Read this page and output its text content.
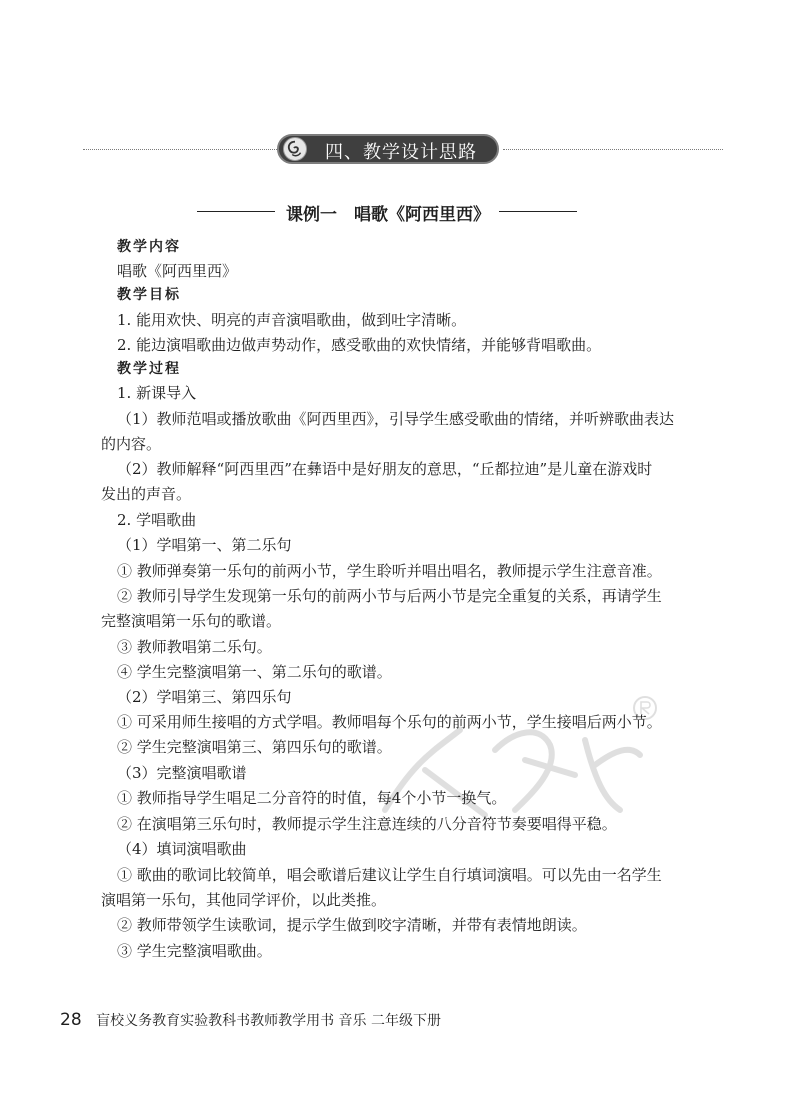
四、教学设计思路
课例一　唱歌《阿西里西》
教学内容
唱歌《阿西里西》
教学目标
1. 能用欢快、明亮的声音演唱歌曲，做到吐字清晰。
2. 能边演唱歌曲边做声势动作，感受歌曲的欢快情绪，并能够背唱歌曲。
教学过程
1. 新课导入
（1）教师范唱或播放歌曲《阿西里西》，引导学生感受歌曲的情绪，并听辨歌曲表达
的内容。
（2）教师解释“阿西里西”在彝语中是好朋友的意思，“丘都拉迪”是儿童在游戏时
发出的声音。
2. 学唱歌曲
（1）学唱第一、第二乐句
① 教师弹奏第一乐句的前两小节，学生聆听并唱出唱名，教师提示学生注意音准。
② 教师引导学生发现第一乐句的前两小节与后两小节是完全重复的关系，再请学生
完整演唱第一乐句的歌谱。
③ 教师教唱第二乐句。
④ 学生完整演唱第一、第二乐句的歌谱。
（2）学唱第三、第四乐句
① 可采用师生接唱的方式学唱。教师唱每个乐句的前两小节，学生接唱后两小节。
② 学生完整演唱第三、第四乐句的歌谱。
（3）完整演唱歌谱
① 教师指导学生唱足二分音符的时值，每4个小节一换气。
② 在演唱第三乐句时，教师提示学生注意连续的八分音符节奏要唱得平稳。
（4）填词演唱歌曲
① 歌曲的歌词比较简单，唱会歌谱后建议让学生自行填词演唱。可以先由一名学生
演唱第一乐句，其他同学评价，以此类推。
② 教师带领学生读歌词，提示学生做到咬字清晰，并带有表情地朗读。
③ 学生完整演唱歌曲。
28 盲校义务教育实验教科书教师教学用书 音乐 二年级下册
